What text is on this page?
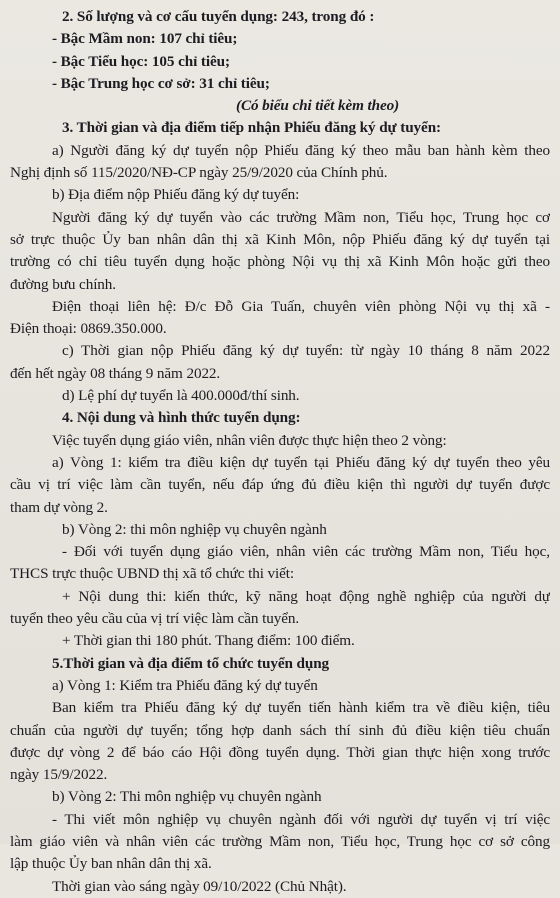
2. Số lượng và cơ cấu tuyển dụng: 243, trong đó :
- Bậc Mầm non: 107 chỉ tiêu;
- Bậc Tiểu học: 105 chỉ tiêu;
- Bậc Trung học cơ sở: 31 chỉ tiêu;
(Có biểu chi tiết kèm theo)
3. Thời gian và địa điểm tiếp nhận Phiếu đăng ký dự tuyển:
a) Người đăng ký dự tuyển nộp Phiếu đăng ký theo mẫu ban hành kèm theo
Nghị định số 115/2020/NĐ-CP ngày 25/9/2020 của Chính phủ.
b) Địa điểm nộp Phiếu đăng ký dự tuyển:
Người đăng ký dự tuyển vào các trường Mầm non, Tiểu học, Trung học cơ
sở trực thuộc Ủy ban nhân dân thị xã Kinh Môn, nộp Phiếu đăng ký dự tuyển tại
trường có chỉ tiêu tuyển dụng hoặc phòng Nội vụ thị xã Kinh Môn hoặc gửi theo
đường bưu chính.
Điện thoại liên hệ: Đ/c Đỗ Gia Tuấn, chuyên viên phòng Nội vụ thị xã -
Điện thoại: 0869.350.000.
c) Thời gian nộp Phiếu đăng ký dự tuyển: từ ngày 10 tháng 8 năm 2022
đến hết ngày 08 tháng 9 năm 2022.
d) Lệ phí dự tuyển là 400.000đ/thí sinh.
4. Nội dung và hình thức tuyển dụng:
Việc tuyển dụng giáo viên, nhân viên được thực hiện theo 2 vòng:
a) Vòng 1: kiểm tra điều kiện dự tuyển tại Phiếu đăng ký dự tuyển theo yêu
cầu vị trí việc làm cần tuyển, nếu đáp ứng đủ điều kiện thì người dự tuyển được
tham dự vòng 2.
b) Vòng 2: thi môn nghiệp vụ chuyên ngành
- Đối với tuyển dụng giáo viên, nhân viên các trường Mầm non, Tiểu học,
THCS trực thuộc UBND thị xã tổ chức thi viết:
+ Nội dung thi: kiến thức, kỹ năng hoạt động nghề nghiệp của người dự
tuyển theo yêu cầu của vị trí việc làm cần tuyển.
+ Thời gian thi 180 phút. Thang điểm: 100 điểm.
5.Thời gian và địa điểm tổ chức tuyển dụng
a) Vòng 1: Kiểm tra Phiếu đăng ký dự tuyển
Ban kiểm tra Phiếu đăng ký dự tuyển tiến hành kiểm tra về điều kiện, tiêu
chuẩn của người dự tuyển; tổng hợp danh sách thí sinh đủ điều kiện tiêu chuẩn
được dự vòng 2 để báo cáo Hội đồng tuyển dụng. Thời gian thực hiện xong trước
ngày 15/9/2022.
b) Vòng 2: Thi môn nghiệp vụ chuyên ngành
- Thi viết môn nghiệp vụ chuyên ngành đối với người dự tuyển vị trí việc
làm giáo viên và nhân viên các trường Mầm non, Tiểu học, Trung học cơ sở công
lập thuộc Ủy ban nhân dân thị xã.
Thời gian vào sáng ngày 09/10/2022 (Chủ Nhật).
